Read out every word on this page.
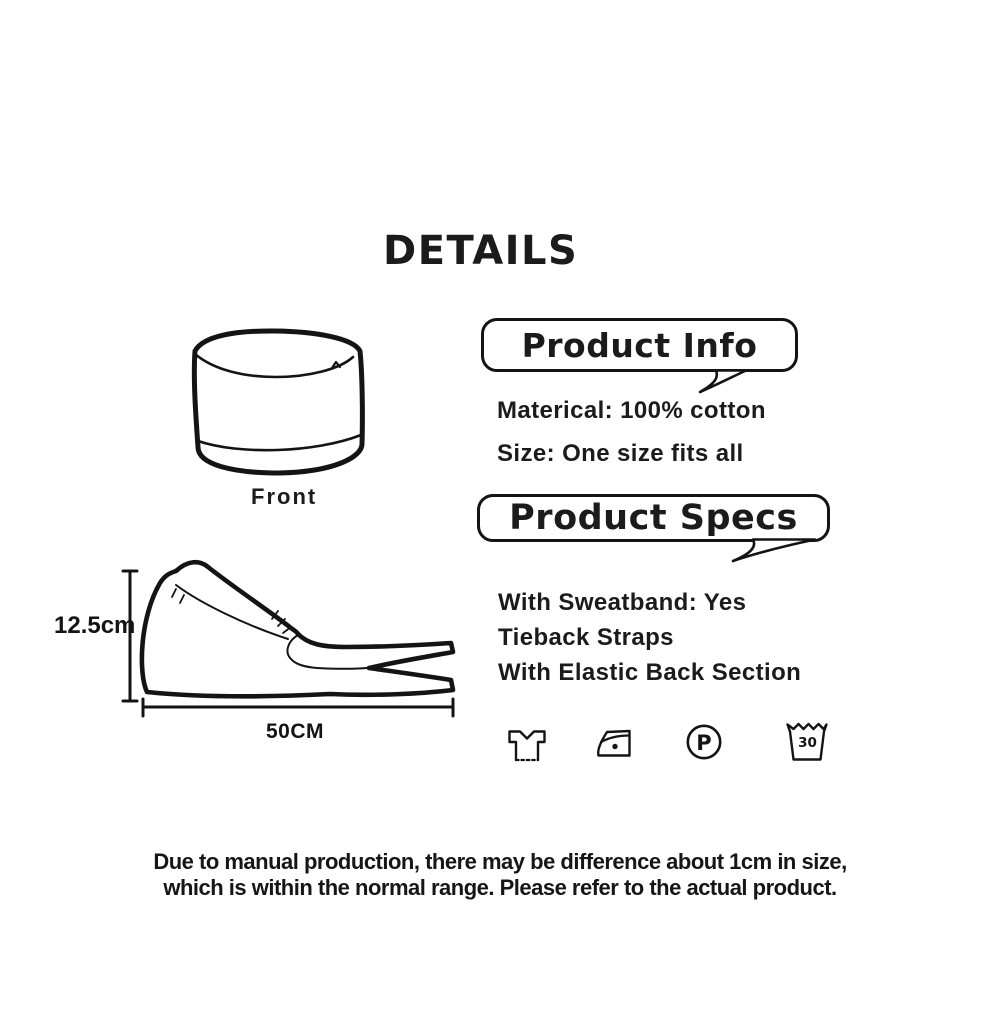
DETAILS
Front
Product Info
Materical: 100% cotton
Size: One size fits all
Product Specs
With Sweatband: Yes
Tieback Straps
With Elastic Back Section
12.5cm
50CM	P	30
Due to manual production, there may be difference about 1cm in size,
which is within the normal range. Please refer to the actual product.
